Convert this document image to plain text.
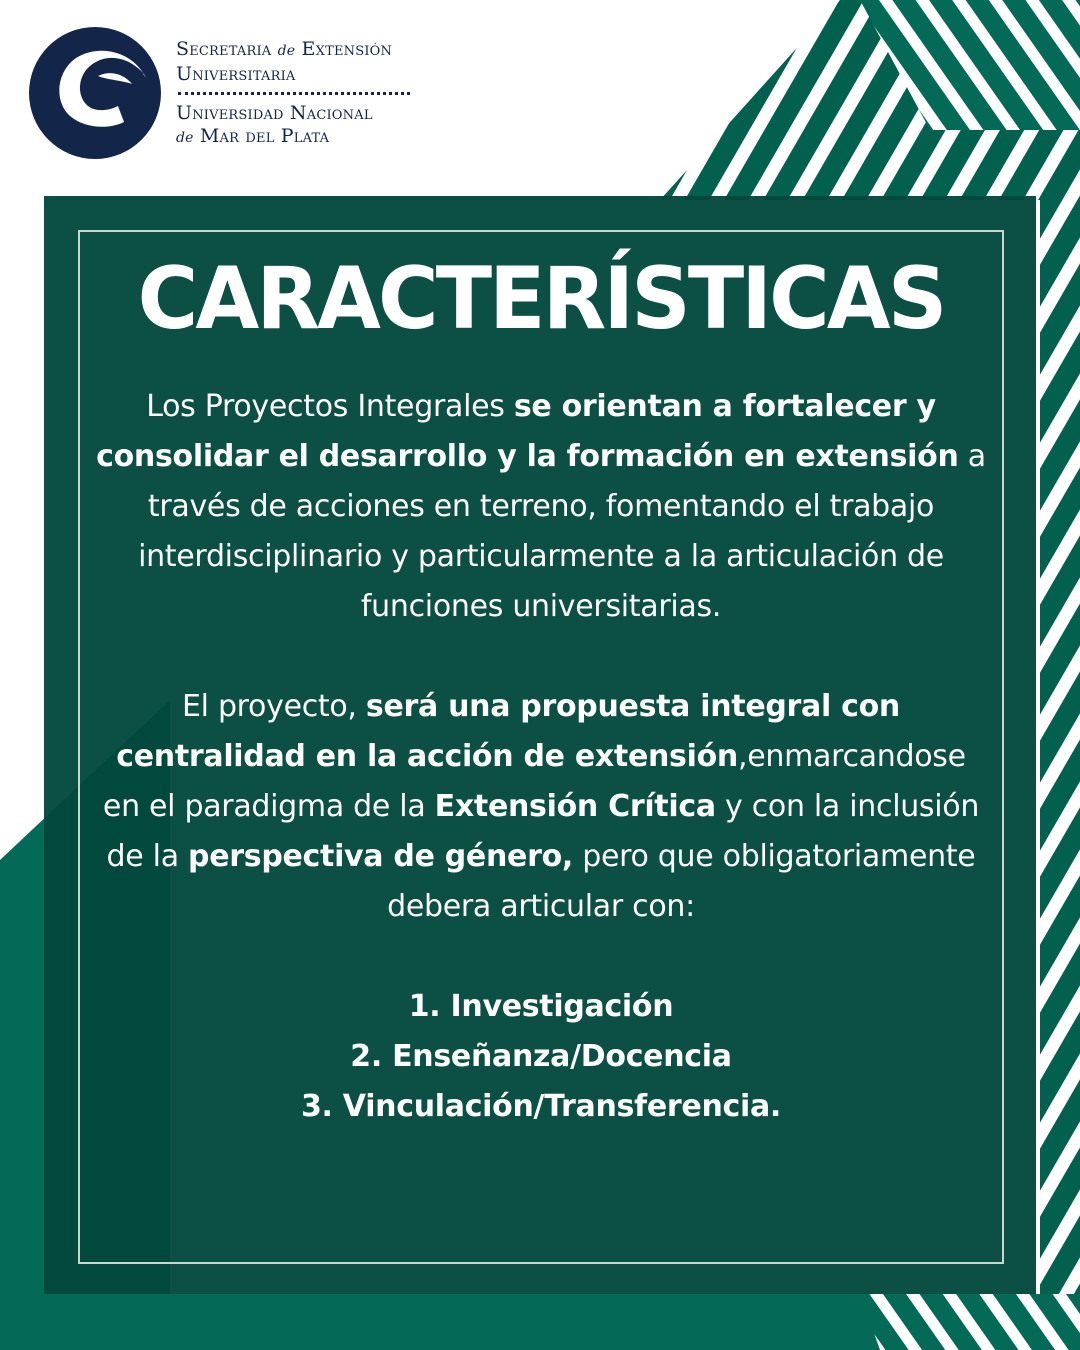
Secretaria de Extensión
Universitaria
Universidad Nacional
de Mar del Plata
CARACTERÍSTICAS

Los Proyectos Integrales se orientan a fortalecer y consolidar el desarrollo y la formación en extensión a través de acciones en terreno, fomentando el trabajo interdisciplinario y particularmente a la articulación de funciones universitarias.

El proyecto, será una propuesta integral con centralidad en la acción de extensión,enmarcandose en el paradigma de la Extensión Crítica y con la inclusión de la perspectiva de género, pero que obligatoriamente debera articular con:

1. Investigación
2. Enseñanza/Docencia
3. Vinculación/Transferencia.
